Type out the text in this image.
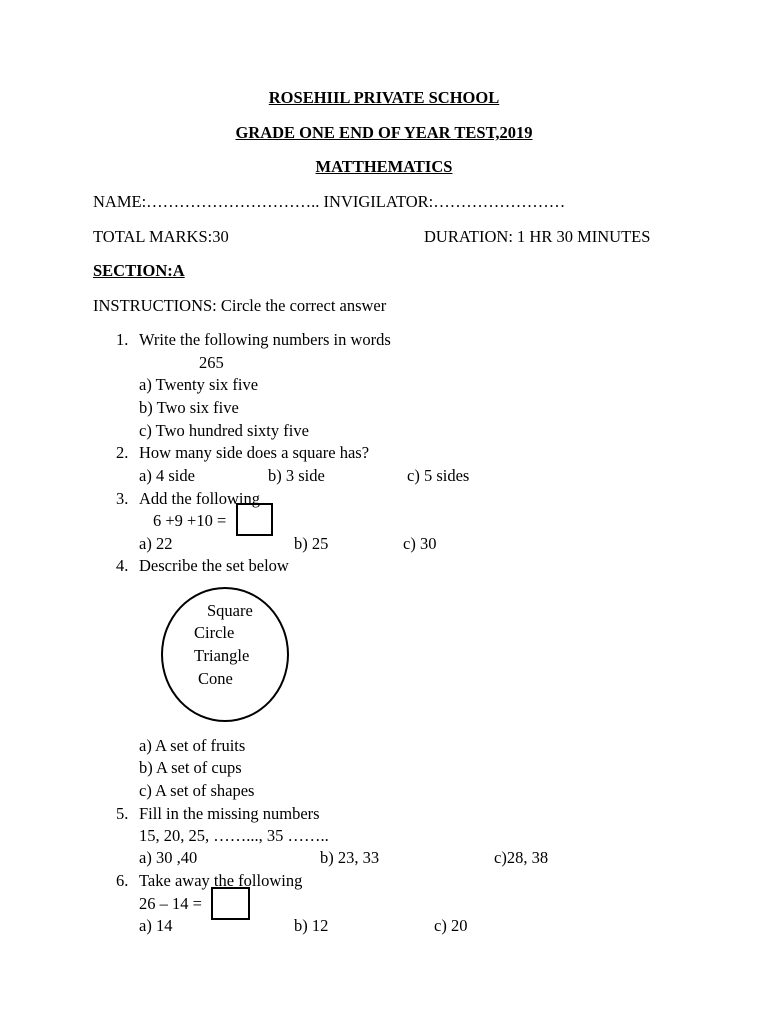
ROSEHIIL PRIVATE SCHOOL
GRADE ONE END OF YEAR TEST,2019
MATTHEMATICS
NAME:………………………….. INVIGILATOR:……………………
TOTAL MARKS:30	DURATION: 1 HR 30 MINUTES
SECTION:A
INSTRUCTIONS: Circle the correct answer
1. Write the following numbers in words
265
a) Twenty six five
b) Two six five
c) Two hundred sixty five
2. How many side does a square has?
a) 4 side	b) 3 side	c) 5 sides
3. Add the following
6 +9 +10 =
a) 22	b) 25	c) 30
4. Describe the set below
Square
Circle
Triangle
Cone
a) A set of fruits
b) A set of cups
c) A set of shapes
5. Fill in the missing numbers
15, 20, 25, ……..., 35 ……..
a) 30 ,40	b) 23, 33	c)28, 38
6. Take away the following
26 – 14 =
a) 14	b) 12	c) 20
